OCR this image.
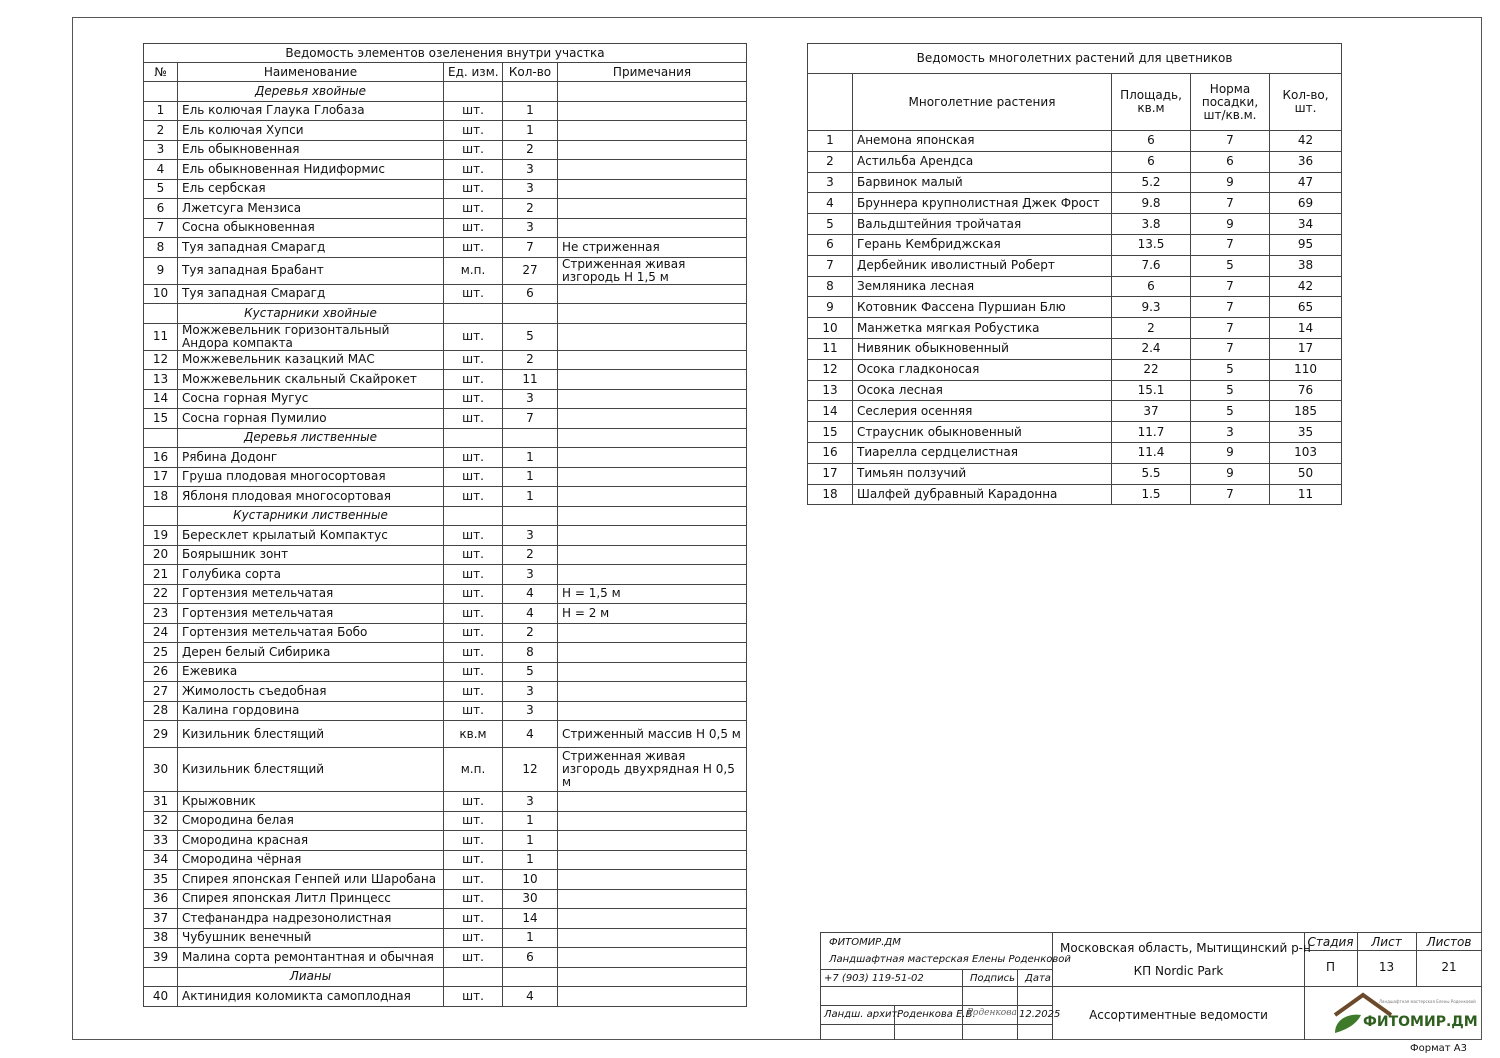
Ведомость элементов озеленения внутри участка				
№	Наименование	Ед. изм.	Кол-во	Примечания
	Деревья хвойные			
1	Ель колючая Глаука Глобаза	шт.	1	
2	Ель колючая Хупси	шт.	1	
3	Ель обыкновенная	шт.	2	
4	Ель обыкновенная Нидиформис	шт.	3	
5	Ель сербская	шт.	3	
6	Лжетсуга Мензиса	шт.	2	
7	Сосна обыкновенная	шт.	3	
8	Туя западная Смарагд	шт.	7	Не стриженная
9	Туя западная Брабант	м.п.	27	Стриженная живая изгородь Н 1,5 м
10	Туя западная Смарагд	шт.	6	
	Кустарники хвойные			
11	Можжевельник горизонтальный Андора компакта	шт.	5	
12	Можжевельник казацкий МАС	шт.	2	
13	Можжевельник скальный Скайрокет	шт.	11	
14	Сосна горная Мугус	шт.	3	
15	Сосна горная Пумилио	шт.	7	
	Деревья лиственные			
16	Рябина Додонг	шт.	1	
17	Груша плодовая многосортовая	шт.	1	
18	Яблоня плодовая многосортовая	шт.	1	
	Кустарники лиственные			
19	Бересклет крылатый Компактус	шт.	3	
20	Боярышник зонт	шт.	2	
21	Голубика сорта	шт.	3	
22	Гортензия метельчатая	шт.	4	Н = 1,5 м
23	Гортензия метельчатая	шт.	4	Н = 2 м
24	Гортензия метельчатая Бобо	шт.	2	
25	Дерен белый Сибирика	шт.	8	
26	Ежевика	шт.	5	
27	Жимолость съедобная	шт.	3	
28	Калина гордовина	шт.	3	
29	Кизильник блестящий	кв.м	4	Стриженный массив Н 0,5 м
30	Кизильник блестящий	м.п.	12	Стриженная живая изгородь двухрядная Н 0,5 м
31	Крыжовник	шт.	3	
32	Смородина белая	шт.	1	
33	Смородина красная	шт.	1	
34	Смородина чёрная	шт.	1	
35	Спирея японская Генпей или Шаробана	шт.	10	
36	Спирея японская Литл Принцесс	шт.	30	
37	Стефанандра надрезонолистная	шт.	14	
38	Чубушник венечный	шт.	1	
39	Малина сорта ремонтантная и обычная	шт.	6	
	Лианы			
40	Актинидия коломикта самоплодная	шт.	4	
Ведомость многолетних растений для цветников				
	Многолетние растения	Площадь, кв.м	Норма посадки, шт/кв.м.	Кол-во, шт.
1	Анемона японская	6	7	42
2	Астильба Арендса	6	6	36
3	Барвинок малый	5.2	9	47
4	Бруннера крупнолистная Джек Фрост	9.8	7	69
5	Вальдштейния тройчатая	3.8	9	34
6	Герань Кембриджская	13.5	7	95
7	Дербейник иволистный Роберт	7.6	5	38
8	Земляника лесная	6	7	42
9	Котовник Фассена Пуршиан Блю	9.3	7	65
10	Манжетка мягкая Робустика	2	7	14
11	Нивяник обыкновенный	2.4	7	17
12	Осока гладконосая	22	5	110
13	Осока лесная	15.1	5	76
14	Сеслерия осенняя	37	5	185
15	Страусник обыкновенный	11.7	3	35
16	Тиарелла сердцелистная	11.4	9	103
17	Тимьян ползучий	5.5	9	50
18	Шалфей дубравный Карадонна	1.5	7	11
ФИТОМИР.ДМ
Ландшафтная мастерская Елены Роденковой
+7 (903) 119-51-02	Подпись Дата
Ландш. архит.
Роденкова Е.В.
Роденкова 12.2025
Московская область, Мытищинский р-н
КП Nordic Park
Ассортиментные ведомости
Стадия	Лист	Листов
П	13	21
ФИТОМИР.ДМ
Ландшафтная мастерская Елены Роденковой
Формат А3
